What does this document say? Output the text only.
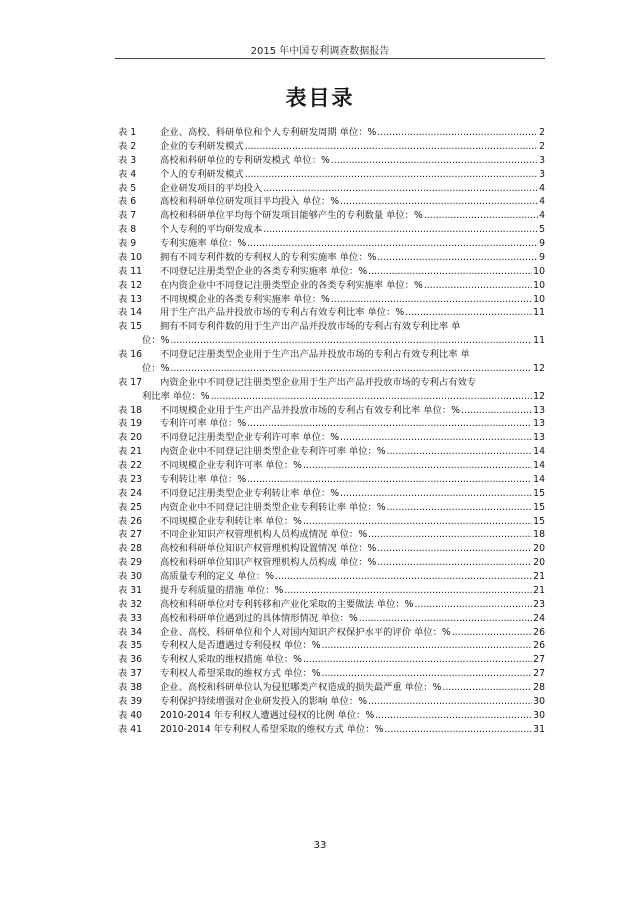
2015 年中国专利调查数据报告
表目录
表 1	企业、高校、科研单位和个人专利研发周期 单位：% .....	2
表 2	企业的专利研发模式 .....	2
表 3	高校和科研单位的专利研发模式 单位：% .....	3
表 4	个人的专利研发模式 .....	3
表 5	企业研发项目的平均投入 .....	4
表 6	高校和科研单位研发项目平均投入 单位：% .....	4
表 7	高校和科研单位平均每个研发项目能够产生的专利数量 单位：% .....	4
表 8	个人专利的平均研发成本 .....	5
表 9	专利实施率 单位：% .....	9
表 10	拥有不同专利件数的专利权人的专利实施率 单位：% .....	9
表 11	不同登记注册类型企业的各类专利实施率 单位：% .....	10
表 12	在内资企业中不同登记注册类型企业的各类专利实施率 单位：% .....	10
表 13	不同规模企业的各类专利实施率 单位：% .....	10
表 14	用于生产出产品并投放市场的专利占有效专利比率 单位：% .....	11
表 15	拥有不同专利件数的用于生产出产品并投放市场的专利占有效专利比率 单
位：% .....	11
表 16	不同登记注册类型企业用于生产出产品并投放市场的专利占有效专利比率 单
位：% .....	12
表 17	内资企业中不同登记注册类型企业用于生产出产品并投放市场的专利占有效专
利比率 单位：% .....	12
表 18	不同规模企业用于生产出产品并投放市场的专利占有效专利比率 单位：% .....	13
表 19	专利许可率 单位：% .....	13
表 20	不同登记注册类型企业专利许可率 单位：% .....	13
表 21	内资企业中不同登记注册类型企业专利许可率 单位：% .....	14
表 22	不同规模企业专利许可率 单位：% .....	14
表 23	专利转让率 单位：% .....	14
表 24	不同登记注册类型企业专利转让率 单位：% .....	15
表 25	内资企业中不同登记注册类型企业专利转让率 单位：% .....	15
表 26	不同规模企业专利转让率 单位：% .....	15
表 27	不同企业知识产权管理机构人员构成情况 单位：% .....	18
表 28	高校和科研单位知识产权管理机构设置情况 单位：% .....	20
表 29	高校和科研单位知识产权管理机构人员构成 单位：% .....	20
表 30	高质量专利的定义 单位：% .....	21
表 31	提升专利质量的措施 单位：% .....	21
表 32	高校和科研单位对专利转移和产业化采取的主要做法 单位：% .....	23
表 33	高校和科研单位遇到过的具体情形情况 单位：% .....	24
表 34	企业、高校、科研单位和个人对国内知识产权保护水平的评价 单位：% .....	26
表 35	专利权人是否遭遇过专利侵权 单位：% .....	26
表 36	专利权人采取的维权措施 单位：% .....	27
表 37	专利权人希望采取的维权方式 单位：% .....	27
表 38	企业、高校和科研单位认为侵犯哪类产权造成的损失最严重 单位：% .....	28
表 39	专利保护持续增强对企业研发投入的影响 单位：% .....	30
表 40	2010-2014 年专利权人遭遇过侵权的比例 单位：% .....	30
表 41	2010-2014 年专利权人希望采取的维权方式 单位：% .....	31
33
